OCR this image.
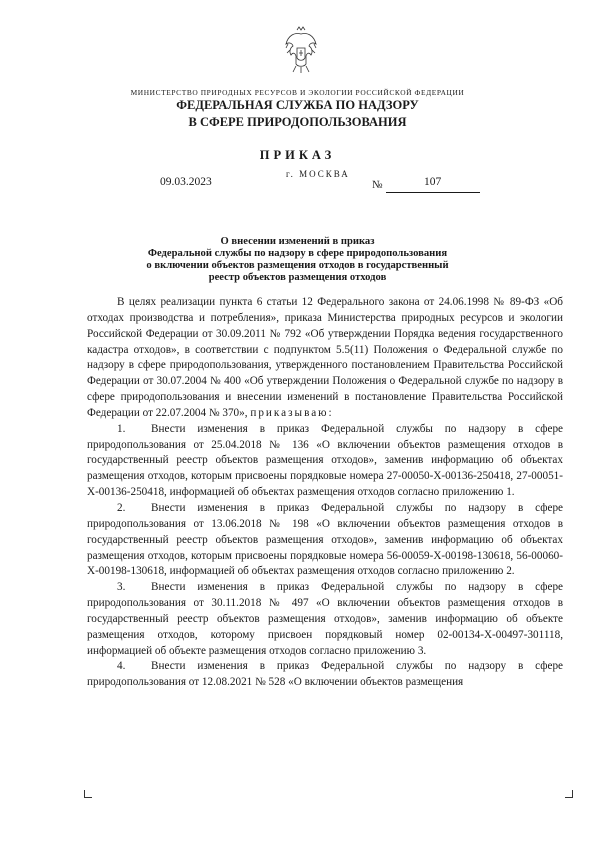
МИНИСТЕРСТВО ПРИРОДНЫХ РЕСУРСОВ И ЭКОЛОГИИ РОССИЙСКОЙ ФЕДЕРАЦИИ
ФЕДЕРАЛЬНАЯ СЛУЖБА ПО НАДЗОРУ
В СФЕРЕ ПРИРОДОПОЛЬЗОВАНИЯ
ПРИКАЗ
09.03.2023
г. МОСКВА
№	107
О внесении изменений в приказ
Федеральной службы по надзору в сфере природопользования
о включении объектов размещения отходов в государственный
реестр объектов размещения отходов

В целях реализации пункта 6 статьи 12 Федерального закона от 24.06.1998 № 89-ФЗ «Об отходах производства и потребления», приказа Министерства природных ресурсов и экологии Российской Федерации от 30.09.2011 № 792 «Об утверждении Порядка ведения государственного кадастра отходов», в соответствии с подпунктом 5.5(11) Положения о Федеральной службе по надзору в сфере природопользования, утвержденного постановлением Правительства Российской Федерации от 30.07.2004 № 400 «Об утверждении Положения о Федеральной службе по надзору в сфере природопользования и внесении изменений в постановление Правительства Российской Федерации от 22.07.2004 № 370», приказываю:

1. Внести изменения в приказ Федеральной службы по надзору в сфере природопользования от 25.04.2018 № 136 «О включении объектов размещения отходов в государственный реестр объектов размещения отходов», заменив информацию об объектах размещения отходов, которым присвоены порядковые номера 27-00050-Х-00136-250418, 27-00051-Х-00136-250418, информацией об объектах размещения отходов согласно приложению 1.

2. Внести изменения в приказ Федеральной службы по надзору в сфере природопользования от 13.06.2018 № 198 «О включении объектов размещения отходов в государственный реестр объектов размещения отходов», заменив информацию об объектах размещения отходов, которым присвоены порядковые номера 56-00059-Х-00198-130618, 56-00060-Х-00198-130618, информацией об объектах размещения отходов согласно приложению 2.

3. Внести изменения в приказ Федеральной службы по надзору в сфере природопользования от 30.11.2018 № 497 «О включении объектов размещения отходов в государственный реестр объектов размещения отходов», заменив информацию об объекте размещения отходов, которому присвоен порядковый номер 02-00134-Х-00497-301118, информацией об объекте размещения отходов согласно приложению 3.

4. Внести изменения в приказ Федеральной службы по надзору в сфере природопользования от 12.08.2021 № 528 «О включении объектов размещения
